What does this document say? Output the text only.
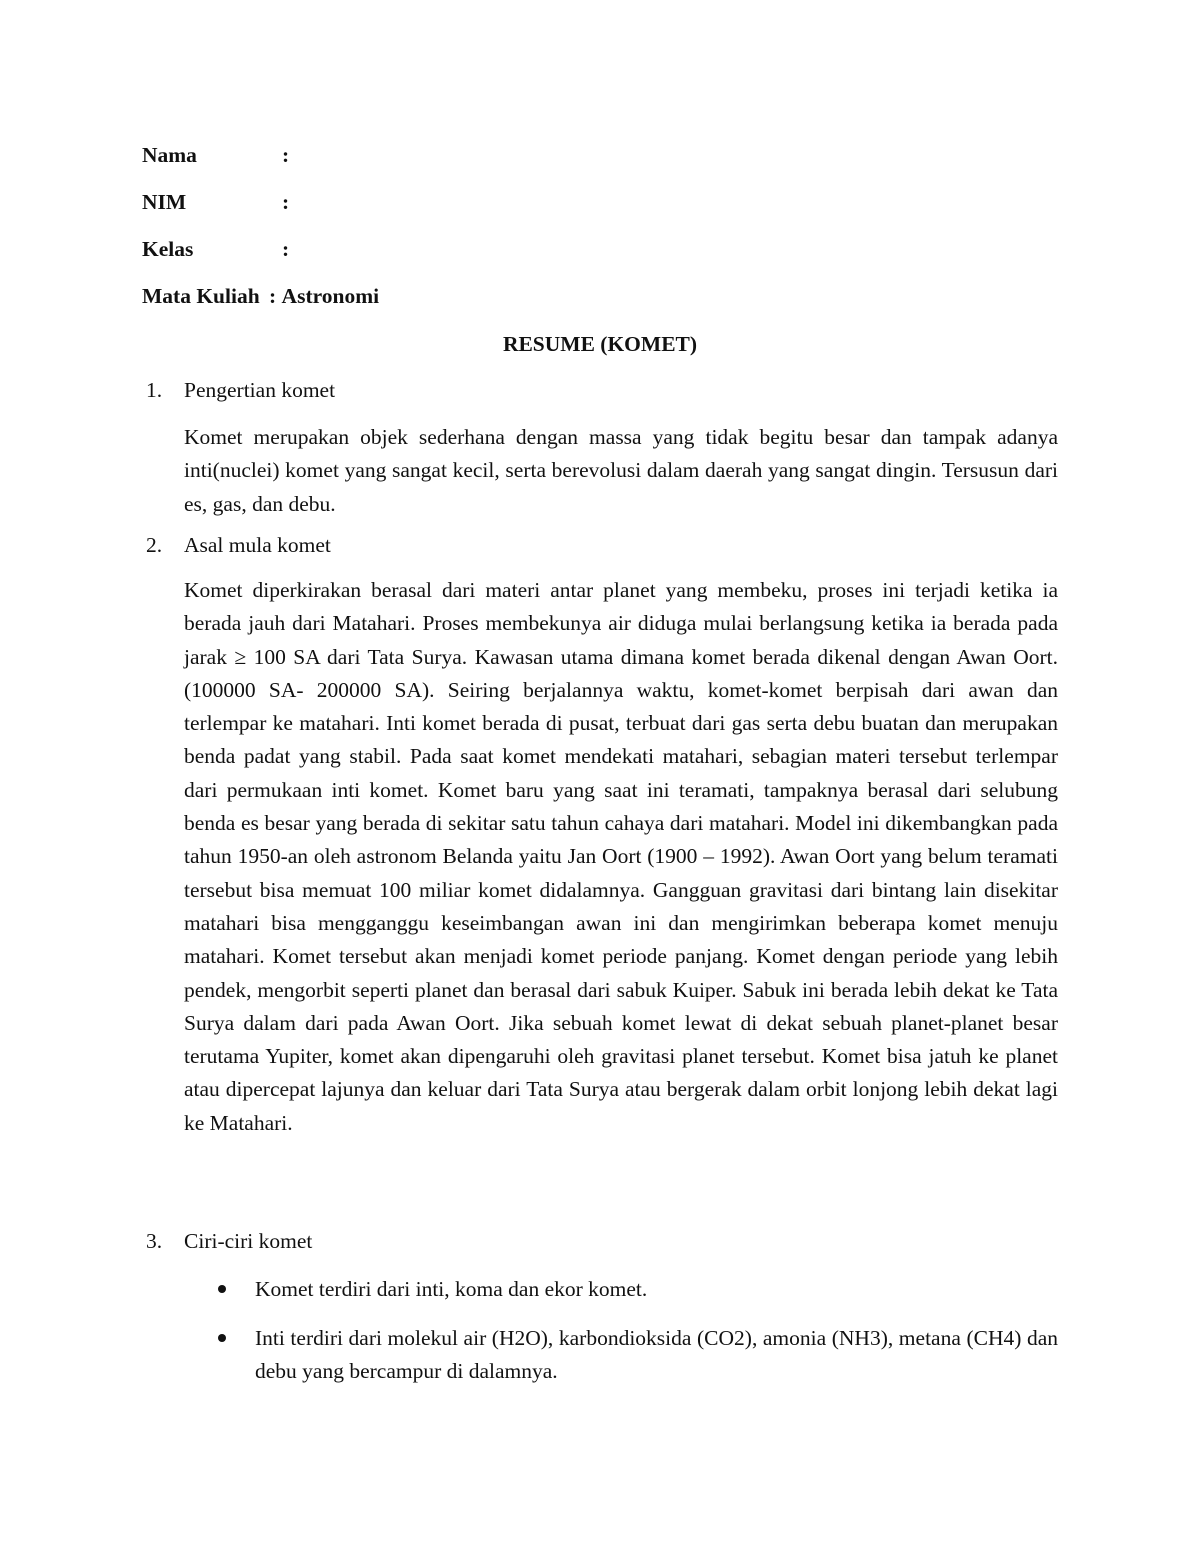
Nama	:
NIM	:
Kelas	:
Mata Kuliah : Astronomi
RESUME (KOMET)
1. Pengertian komet

Komet merupakan objek sederhana dengan massa yang tidak begitu besar dan tampak adanya inti(nuclei) komet yang sangat kecil, serta berevolusi dalam daerah yang sangat dingin. Tersusun dari es, gas, dan debu.

2. Asal mula komet

Komet diperkirakan berasal dari materi antar planet yang membeku, proses ini terjadi ketika ia berada jauh dari Matahari. Proses membekunya air diduga mulai berlangsung ketika ia berada pada jarak ≥ 100 SA dari Tata Surya. Kawasan utama dimana komet berada dikenal dengan Awan Oort. (100000 SA- 200000 SA). Seiring berjalannya waktu, komet-komet berpisah dari awan dan terlempar ke matahari. Inti komet berada di pusat, terbuat dari gas serta debu buatan dan merupakan benda padat yang stabil. Pada saat komet mendekati matahari, sebagian materi tersebut terlempar dari permukaan inti komet. Komet baru yang saat ini teramati, tampaknya berasal dari selubung benda es besar yang berada di sekitar satu tahun cahaya dari matahari. Model ini dikembangkan pada tahun 1950-an oleh astronom Belanda yaitu Jan Oort (1900 – 1992). Awan Oort yang belum teramati tersebut bisa memuat 100 miliar komet didalamnya. Gangguan gravitasi dari bintang lain disekitar matahari bisa mengganggu keseimbangan awan ini dan mengirimkan beberapa komet menuju matahari. Komet tersebut akan menjadi komet periode panjang. Komet dengan periode yang lebih pendek, mengorbit seperti planet dan berasal dari sabuk Kuiper. Sabuk ini berada lebih dekat ke Tata Surya dalam dari pada Awan Oort. Jika sebuah komet lewat di dekat sebuah planet-planet besar terutama Yupiter, komet akan dipengaruhi oleh gravitasi planet tersebut. Komet bisa jatuh ke planet atau dipercepat lajunya dan keluar dari Tata Surya atau bergerak dalam orbit lonjong lebih dekat lagi ke Matahari.

3. Ciri-ciri komet
Komet terdiri dari inti, koma dan ekor komet.
Inti terdiri dari molekul air (H2O), karbondioksida (CO2), amonia (NH3), metana (CH4) dan debu yang bercampur di dalamnya.
